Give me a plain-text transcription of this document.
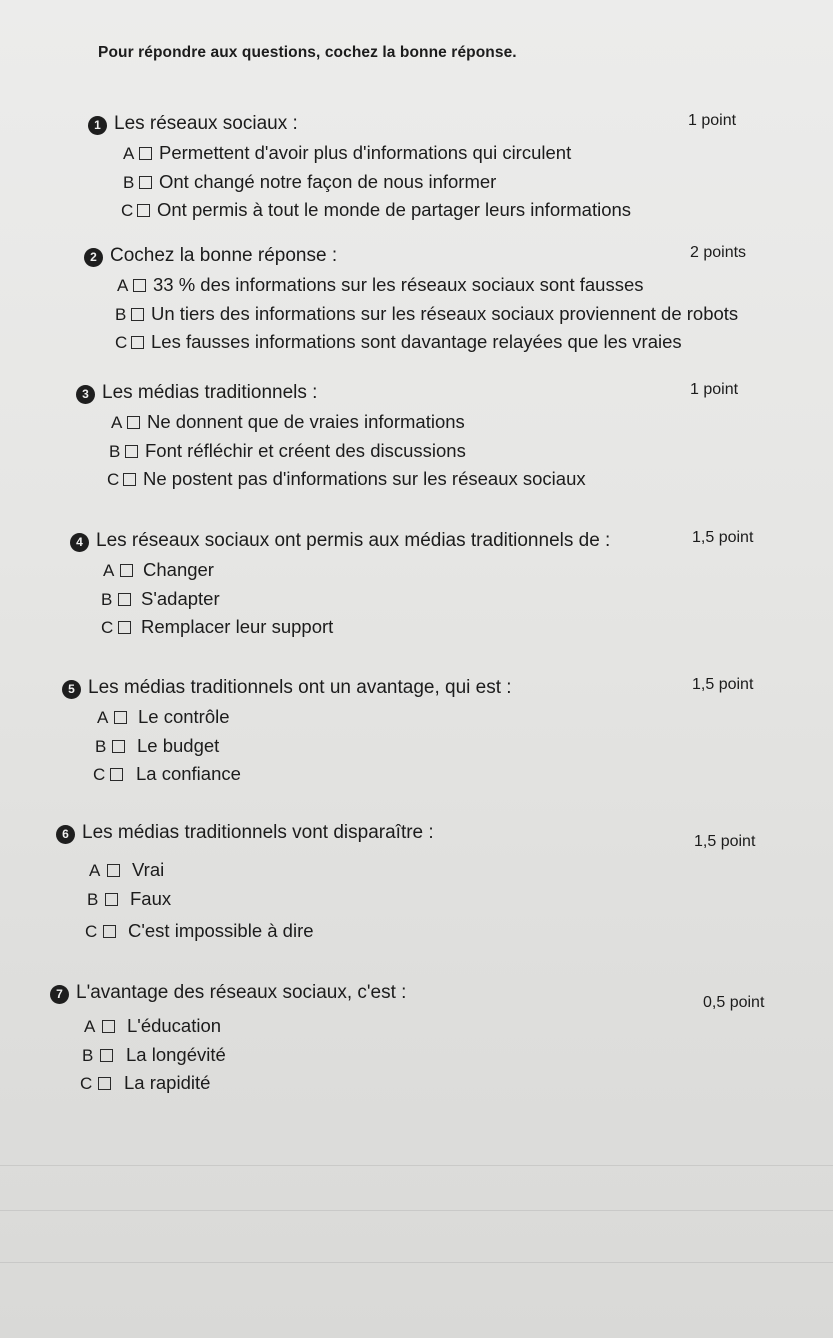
Pour répondre aux questions, cochez la bonne réponse.
1 Les réseaux sociaux :	1 point
A Permettent d'avoir plus d'informations qui circulent
B Ont changé notre façon de nous informer
C Ont permis à tout le monde de partager leurs informations
2 Cochez la bonne réponse :	2 points
A 33 % des informations sur les réseaux sociaux sont fausses
B Un tiers des informations sur les réseaux sociaux proviennent de robots
C Les fausses informations sont davantage relayées que les vraies
3 Les médias traditionnels :	1 point
A Ne donnent que de vraies informations
B Font réfléchir et créent des discussions
C Ne postent pas d'informations sur les réseaux sociaux
4 Les réseaux sociaux ont permis aux médias traditionnels de :	1,5 point
A Changer
B S'adapter
C Remplacer leur support
5 Les médias traditionnels ont un avantage, qui est :	1,5 point
A Le contrôle
B Le budget
C La confiance
6 Les médias traditionnels vont disparaître :	1,5 point
A Vrai
B Faux
C C'est impossible à dire
7 L'avantage des réseaux sociaux, c'est :	0,5 point
A L'éducation
B La longévité
C La rapidité
